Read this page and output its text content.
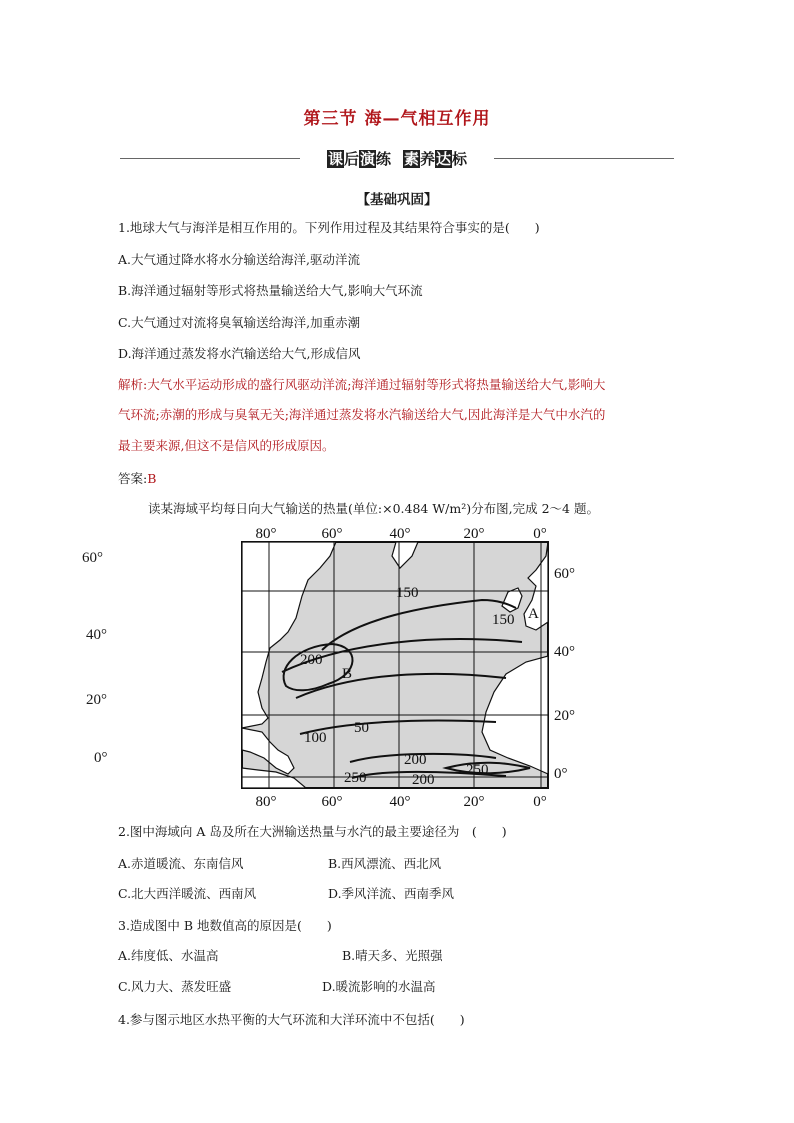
第三节 海—气相互作用
课后演练 素养达标
【基础巩固】
1.地球大气与海洋是相互作用的。下列作用过程及其结果符合事实的是(　　)
A.大气通过降水将水分输送给海洋,驱动洋流
B.海洋通过辐射等形式将热量输送给大气,影响大气环流
C.大气通过对流将臭氧输送给海洋,加重赤潮
D.海洋通过蒸发将水汽输送给大气,形成信风
解析:大气水平运动形成的盛行风驱动洋流;海洋通过辐射等形式将热量输送给大气,影响大
气环流;赤潮的形成与臭氧无关;海洋通过蒸发将水汽输送给大气,因此海洋是大气中水汽的
最主要来源,但这不是信风的形成原因。
答案:B
读某海域平均每日向大气输送的热量(单位:×0.484 W/m²)分布图,完成 2～4 题。
150
150
200
50
100
200
200
250	250
A
B
80°	60°	40°	20°	0°
80°	60°	40°	20°	0°
60°
40°
20°
0°
60°
40°
20°
0°
2.图中海域向 A 岛及所在大洲输送热量与水汽的最主要途径为　(　　)
A.赤道暖流、东南信风	B.西风漂流、西北风
C.北大西洋暖流、西南风	D.季风洋流、西南季风
3.造成图中 B 地数值高的原因是(　　)
A.纬度低、水温高	B.晴天多、光照强
C.风力大、蒸发旺盛	D.暖流影响的水温高
4.参与图示地区水热平衡的大气环流和大洋环流中不包括(　　)
